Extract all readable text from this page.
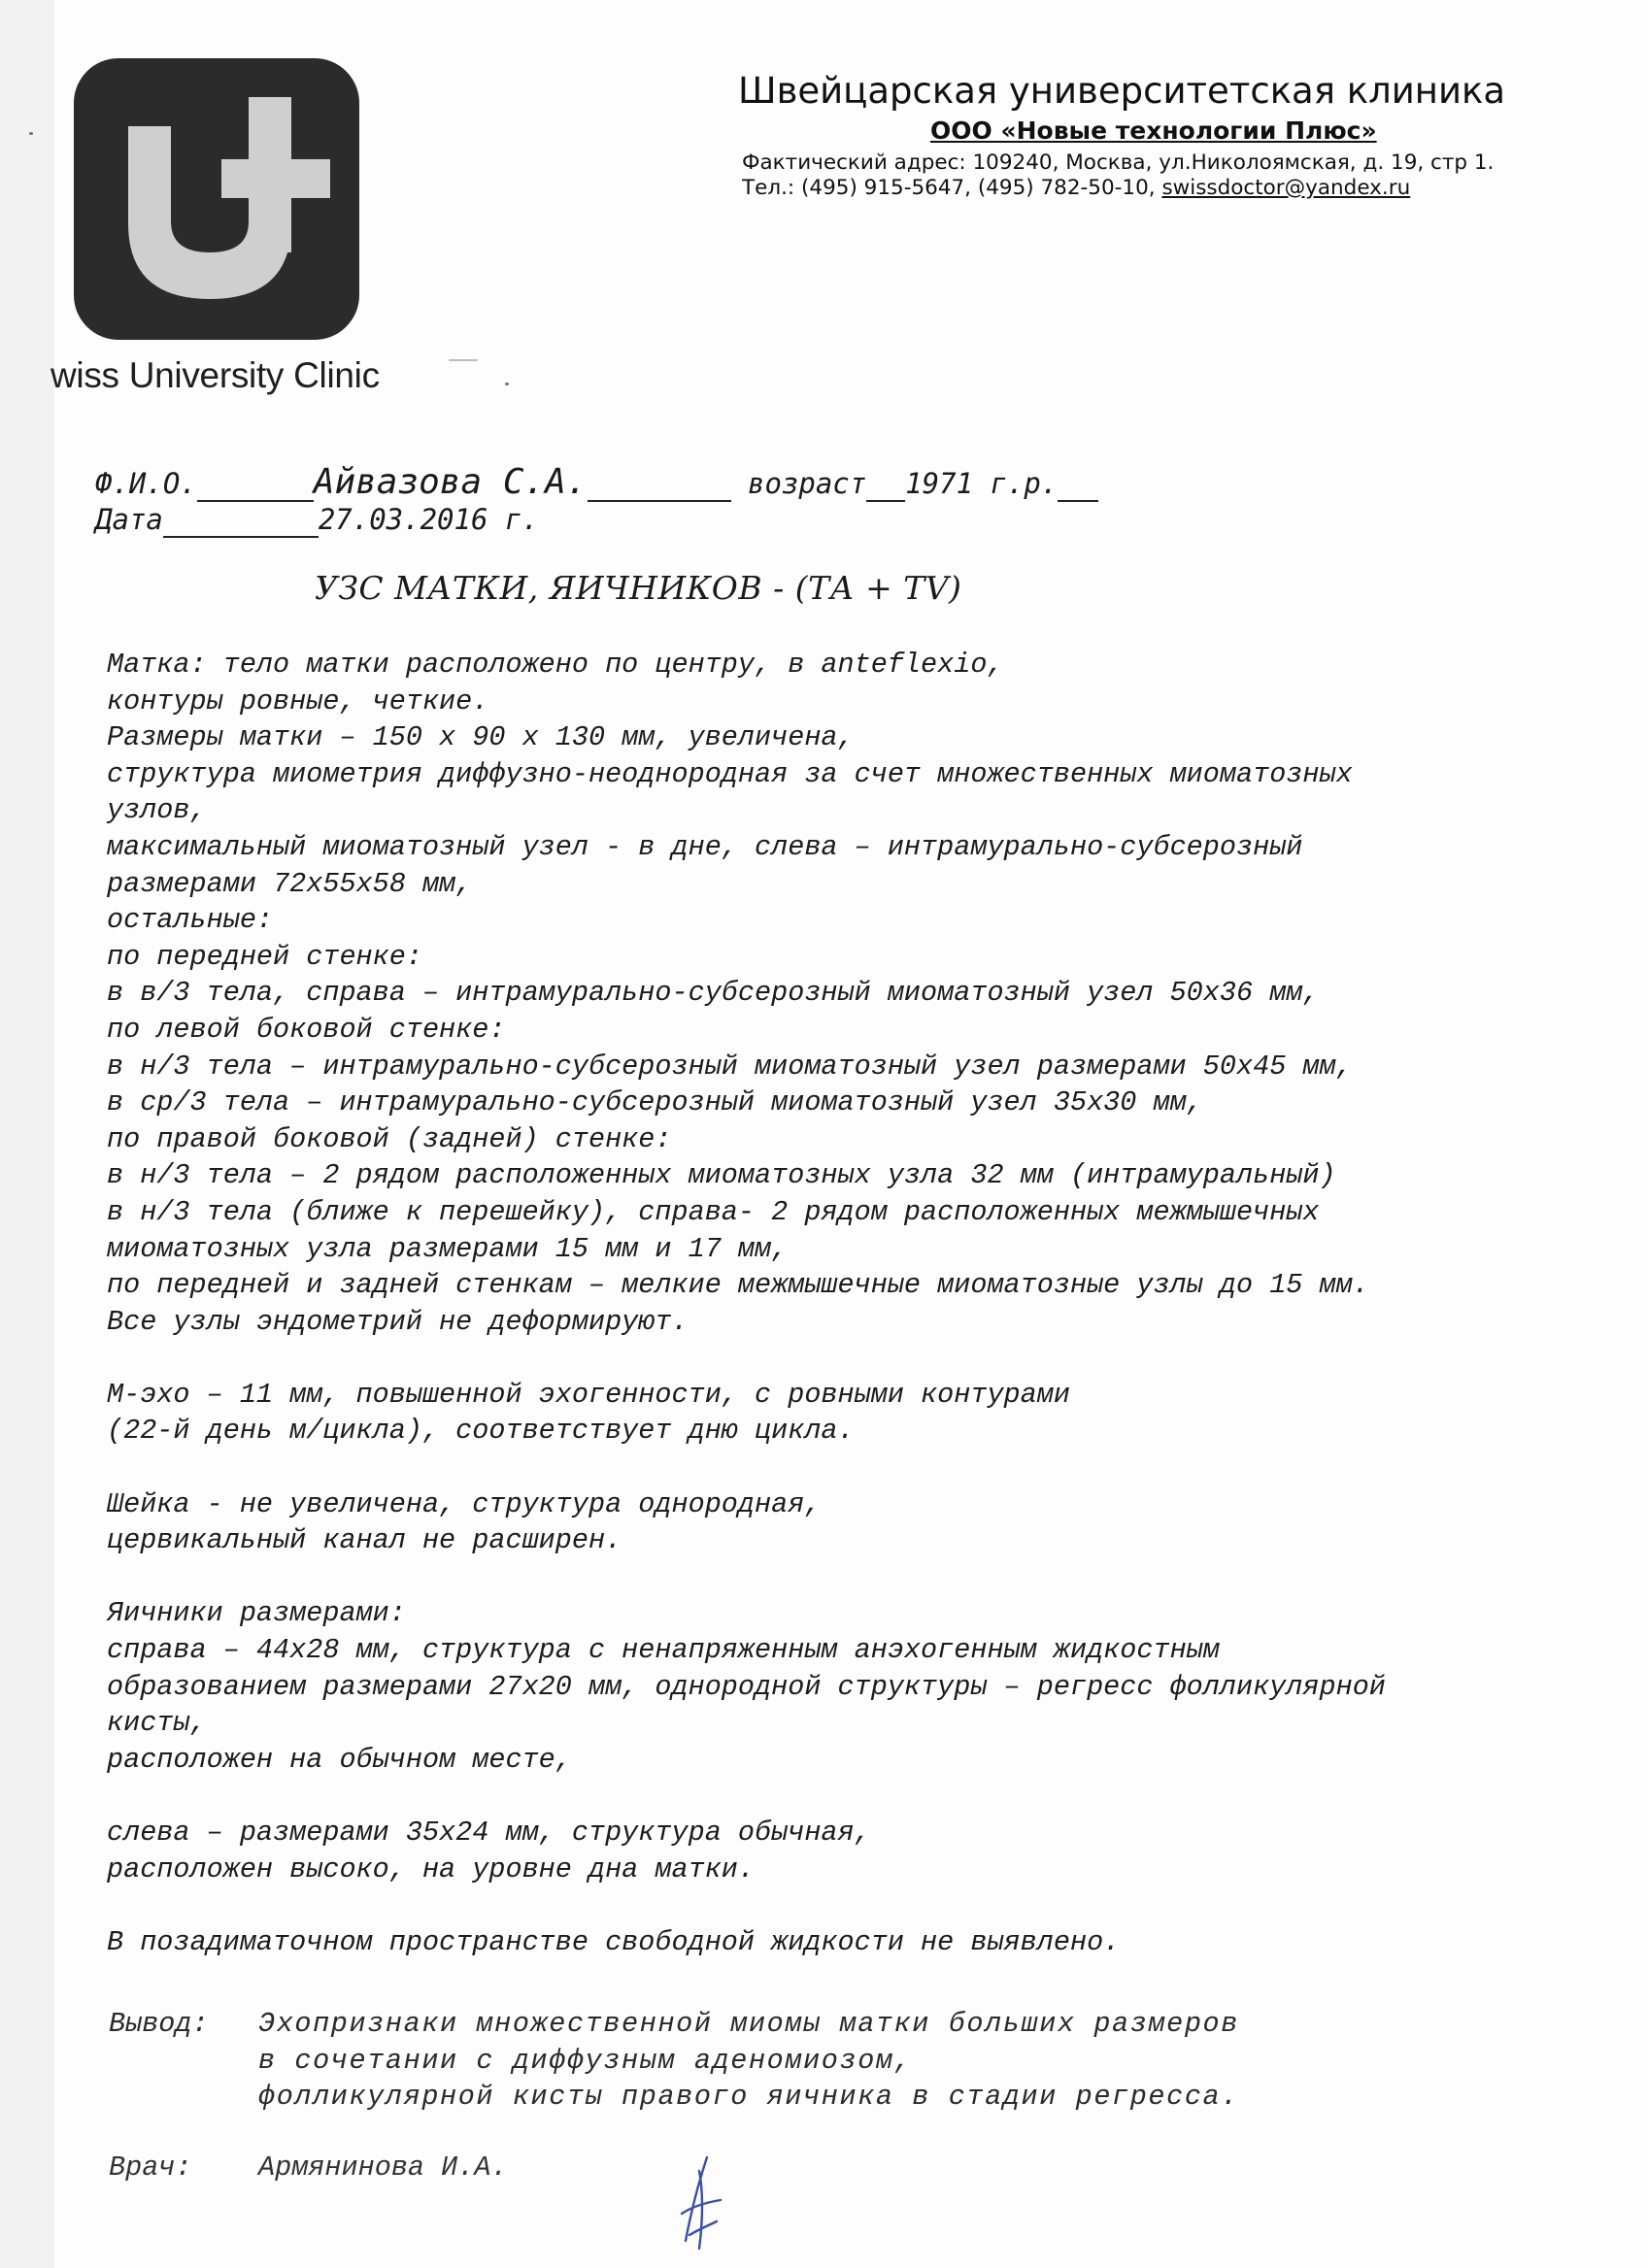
wiss University Clinic
Швейцарская университетская клиника
ООО «Новые технологии Плюс»
Фактический адрес: 109240, Москва, ул.Николоямская, д. 19, стр 1.
Тел.: (495) 915-5647, (495) 782-50-10, swissdoctor@yandex.ru
Ф.И.О.	Айвазова С.А.	возраст 1971 г.р.
Дата	27.03.2016 г.
УЗС МАТКИ, ЯИЧНИКОВ - (ТА + TV)
Матка: тело матки расположено по центру, в anteflexio,
контуры ровные, четкие.
Размеры матки – 150 х 90 х 130 мм, увеличена,
структура миометрия диффузно-неоднородная за счет множественных миоматозных
узлов,
максимальный миоматозный узел - в дне, слева – интрамурально-субсерозный
размерами 72х55х58 мм,
остальные:
по передней стенке:
в в/3 тела, справа – интрамурально-субсерозный миоматозный узел 50х36 мм,
по левой боковой стенке:
в н/3 тела – интрамурально-субсерозный миоматозный узел размерами 50х45 мм,
в ср/3 тела – интрамурально-субсерозный миоматозный узел 35х30 мм,
по правой боковой (задней) стенке:
в н/3 тела – 2 рядом расположенных миоматозных узла 32 мм (интрамуральный)
в н/3 тела (ближе к перешейку), справа- 2 рядом расположенных межмышечных
миоматозных узла размерами 15 мм и 17 мм,
по передней и задней стенкам – мелкие межмышечные миоматозные узлы до 15 мм.
Все узлы эндометрий не деформируют.

М-эхо – 11 мм, повышенной эхогенности, с ровными контурами
(22-й день м/цикла), соответствует дню цикла.

Шейка - не увеличена, структура однородная,
цервикальный канал не расширен.

Яичники размерами:
справа – 44х28 мм, структура с ненапряженным анэхогенным жидкостным
образованием размерами 27х20 мм, однородной структуры – регресс фолликулярной
кисты,
расположен на обычном месте,

слева – размерами 35х24 мм, структура обычная,
расположен высоко, на уровне дна матки.

В позадиматочном пространстве свободной жидкости не выявлено.
Вывод: Эхопризнаки множественной миомы матки больших размеров
в сочетании с диффузным аденомиозом,
фолликулярной кисты правого яичника в стадии регресса.
Врач: Армянинова И.А.
